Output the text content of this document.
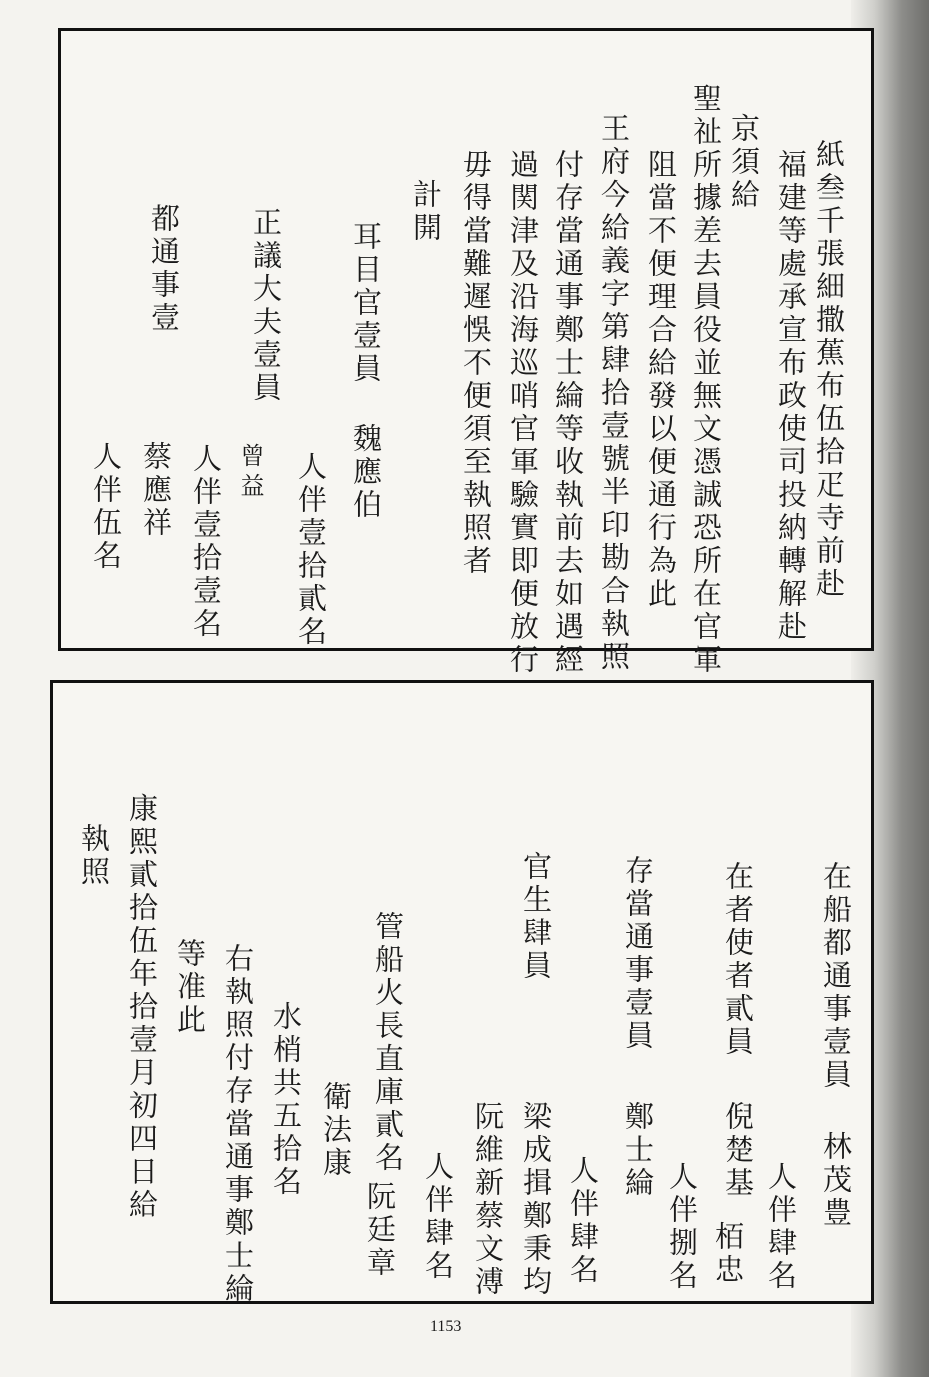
紙叁千張細撒蕉布伍拾疋寺前赴
福建等處承宣布政使司投納轉解赴
京須給
聖祉所據差去員役並無文憑誠恐所在官軍
阻當不便理合給發以便通行為此
王府今給義字第肆拾壹號半印勘合執照
付存當通事鄭士綸等收執前去如遇經
過関津及沿海巡哨官軍驗實即便放行
毋得當難遲悞不便須至執照者
計開
耳目官壹員
魏應伯
人伴壹拾貳名
正議大夫壹員
曾益
人伴壹拾壹名
都通事壹
蔡應祥
人伴伍名
在船都通事壹員
林茂豊
人伴肆名
在者使者貳員
倪楚基
栢忠
人伴捌名
存當通事壹員
鄭士綸
人伴肆名
梁成揖鄭秉均
官生肆員
阮維新蔡文溥
人伴肆名
管船火長直庫貳名
阮廷章
衛法康
水梢共五拾名
右執照付存當通事鄭士綸
等准此
康熙貳拾伍年拾壹月初四日給
執照
1153
